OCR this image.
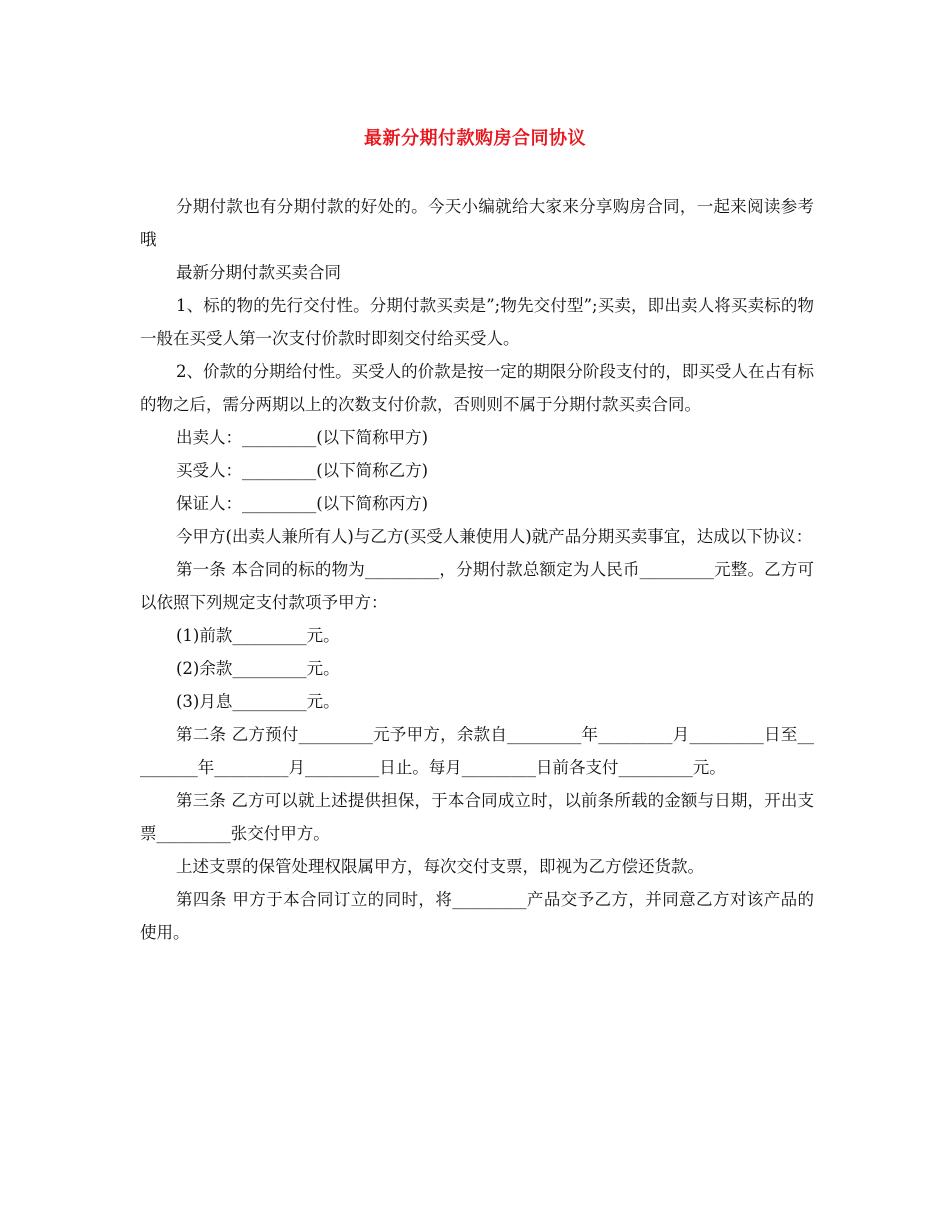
最新分期付款购房合同协议

分期付款也有分期付款的好处的。今天小编就给大家来分享购房合同，一起来阅读参考哦

最新分期付款买卖合同

1、标的物的先行交付性。分期付款买卖是”;物先交付型”;买卖，即出卖人将买卖标的物一般在买受人第一次支付价款时即刻交付给买受人。

2、价款的分期给付性。买受人的价款是按一定的期限分阶段支付的，即买受人在占有标的物之后，需分两期以上的次数支付价款，否则则不属于分期付款买卖合同。

出卖人：_________(以下简称甲方)

买受人：_________(以下简称乙方)

保证人：_________(以下简称丙方)

今甲方(出卖人兼所有人)与乙方(买受人兼使用人)就产品分期买卖事宜，达成以下协议：

第一条 本合同的标的物为_________，分期付款总额定为人民币_________元整。乙方可以依照下列规定支付款项予甲方：

(1)前款_________元。

(2)余款_________元。

(3)月息_________元。

第二条 乙方预付_________元予甲方，余款自_________年_________月_________日至_________年_________月_________日止。每月_________日前各支付_________元。

第三条 乙方可以就上述提供担保，于本合同成立时，以前条所载的金额与日期，开出支票_________张交付甲方。

上述支票的保管处理权限属甲方，每次交付支票，即视为乙方偿还货款。

第四条 甲方于本合同订立的同时，将_________产品交予乙方，并同意乙方对该产品的使用。
